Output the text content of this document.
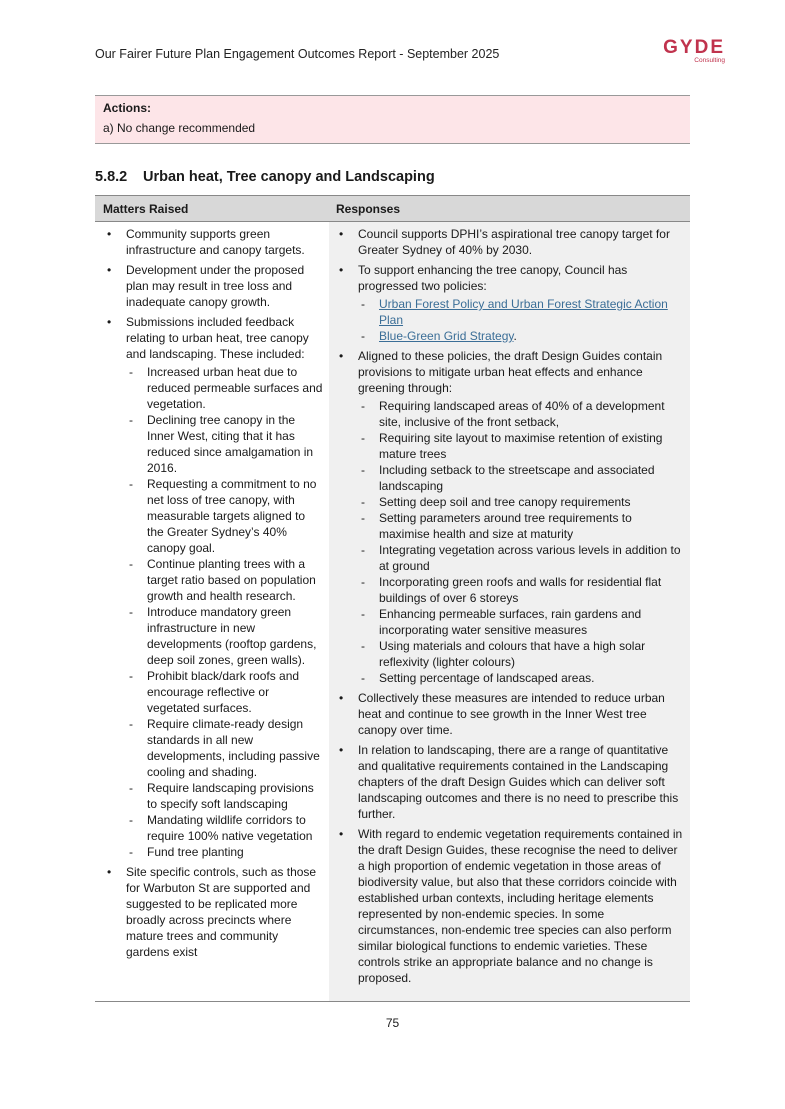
Our Fairer Future Plan Engagement Outcomes Report - September 2025	GYDE
Consulting
Actions:
a) No change recommended
5.8.2 Urban heat, Tree canopy and Landscaping
Matters Raised	Responses
• Community supports green infrastructure and canopy targets.
• Development under the proposed plan may result in tree loss and inadequate canopy growth.
• Submissions included feedback relating to urban heat, tree canopy and landscaping. These included:
- Increased urban heat due to reduced permeable surfaces and vegetation.
- Declining tree canopy in the Inner West, citing that it has reduced since amalgamation in 2016.
- Requesting a commitment to no net loss of tree canopy, with measurable targets aligned to the Greater Sydney’s 40% canopy goal.
- Continue planting trees with a target ratio based on population growth and health research.
- Introduce mandatory green infrastructure in new developments (rooftop gardens, deep soil zones, green walls).
- Prohibit black/dark roofs and encourage reflective or vegetated surfaces.
- Require climate-ready design standards in all new developments, including passive cooling and shading.
- Require landscaping provisions to specify soft landscaping
- Mandating wildlife corridors to require 100% native vegetation
- Fund tree planting
• Site specific controls, such as those for Warbuton St are supported and suggested to be replicated more broadly across precincts where mature trees and community gardens exist
• Council supports DPHI’s aspirational tree canopy target for Greater Sydney of 40% by 2030.
• To support enhancing the tree canopy, Council has progressed two policies:
- Urban Forest Policy and Urban Forest Strategic Action Plan
- Blue-Green Grid Strategy.
• Aligned to these policies, the draft Design Guides contain provisions to mitigate urban heat effects and enhance greening through:
- Requiring landscaped areas of 40% of a development site, inclusive of the front setback,
- Requiring site layout to maximise retention of existing mature trees
- Including setback to the streetscape and associated landscaping
- Setting deep soil and tree canopy requirements
- Setting parameters around tree requirements to maximise health and size at maturity
- Integrating vegetation across various levels in addition to at ground
- Incorporating green roofs and walls for residential flat buildings of over 6 storeys
- Enhancing permeable surfaces, rain gardens and incorporating water sensitive measures
- Using materials and colours that have a high solar reflexivity (lighter colours)
- Setting percentage of landscaped areas.
• Collectively these measures are intended to reduce urban heat and continue to see growth in the Inner West tree canopy over time.
• In relation to landscaping, there are a range of quantitative and qualitative requirements contained in the Landscaping chapters of the draft Design Guides which can deliver soft landscaping outcomes and there is no need to prescribe this further.
• With regard to endemic vegetation requirements contained in the draft Design Guides, these recognise the need to deliver a high proportion of endemic vegetation in those areas of biodiversity value, but also that these corridors coincide with established urban contexts, including heritage elements represented by non-endemic species. In some circumstances, non-endemic tree species can also perform similar biological functions to endemic varieties. These controls strike an appropriate balance and no change is proposed.
75
